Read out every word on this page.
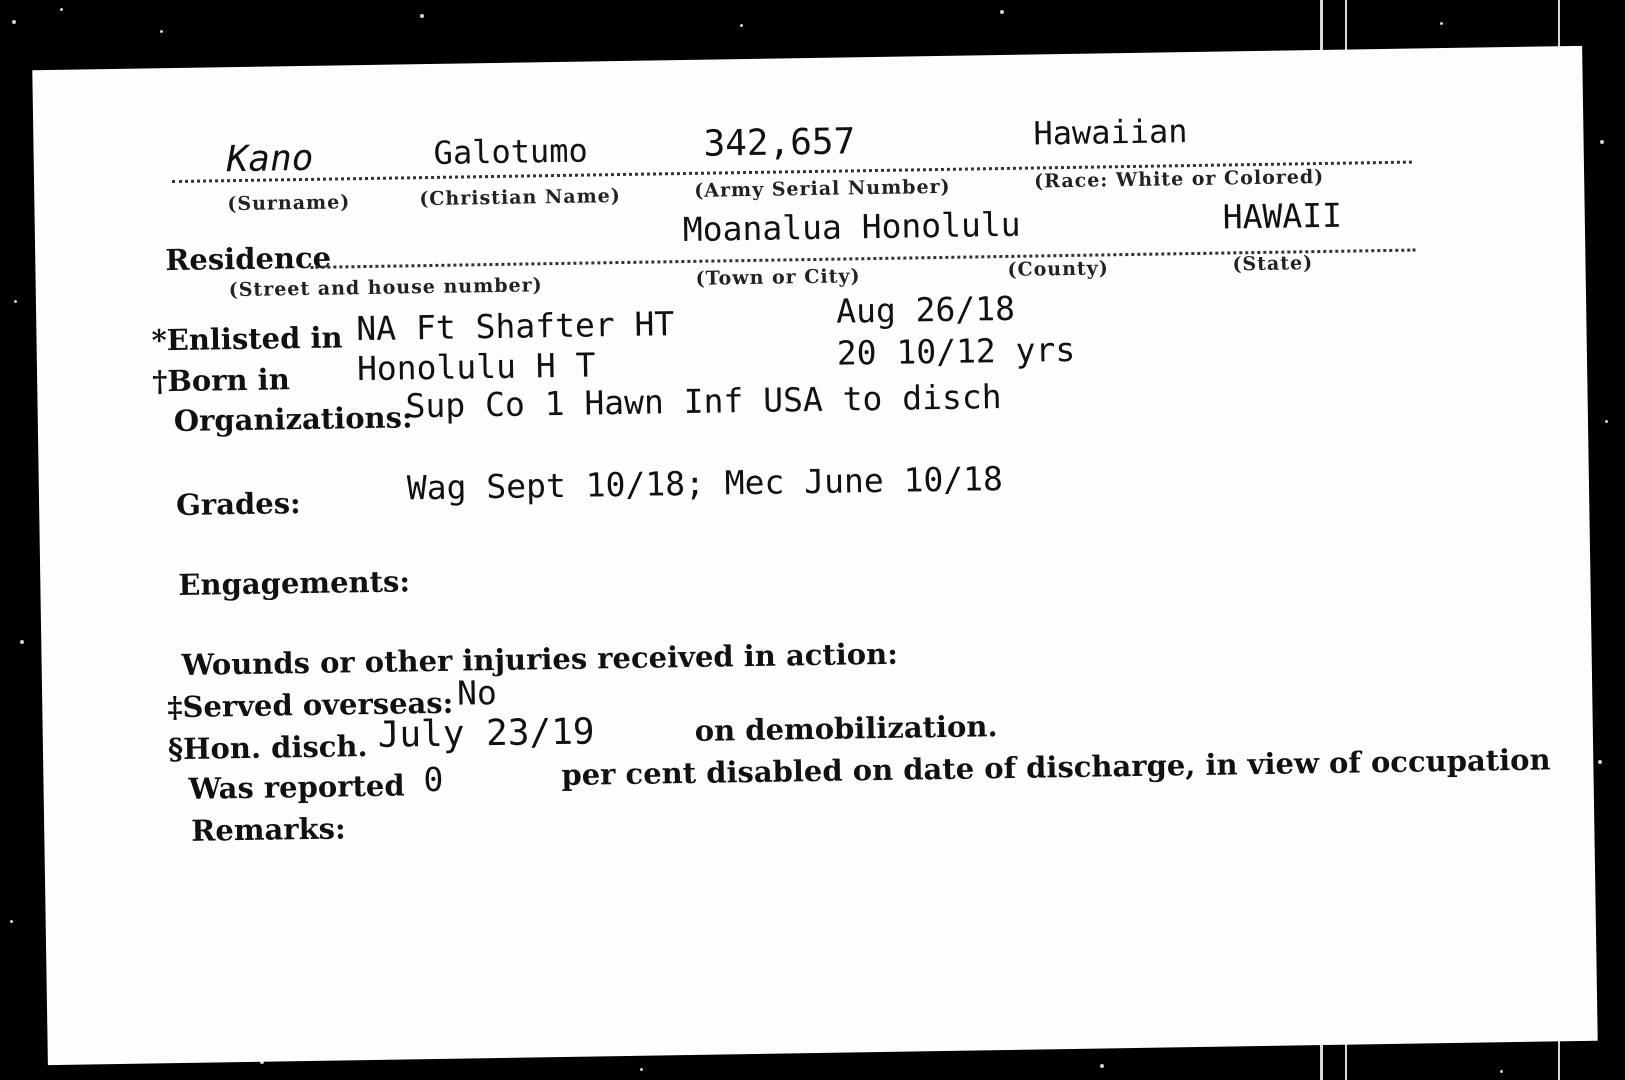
Kano	Galotumo	342,657	Hawaiian
(Surname)	(Christian Name)	(Army Serial Number)	(Race: White or Colored)
Residence
Moanalua Honolulu	HAWAII
(Street and house number)	(Town or City)	(County)	(State)
*Enlisted in NA Ft Shafter HT	Aug 26/18
†Born in Honolulu H T	20 10/12 yrs
Organizations:
Sup Co 1 Hawn Inf USA to disch
Grades:	Wag Sept 10/18; Mec June 10/18
Engagements:
Wounds or other injuries received in action:
‡Served overseas: No
§Hon. disch. July 23/19	on demobilization.
Was reported 0	per cent disabled on date of discharge, in view of occupation
Remarks:
